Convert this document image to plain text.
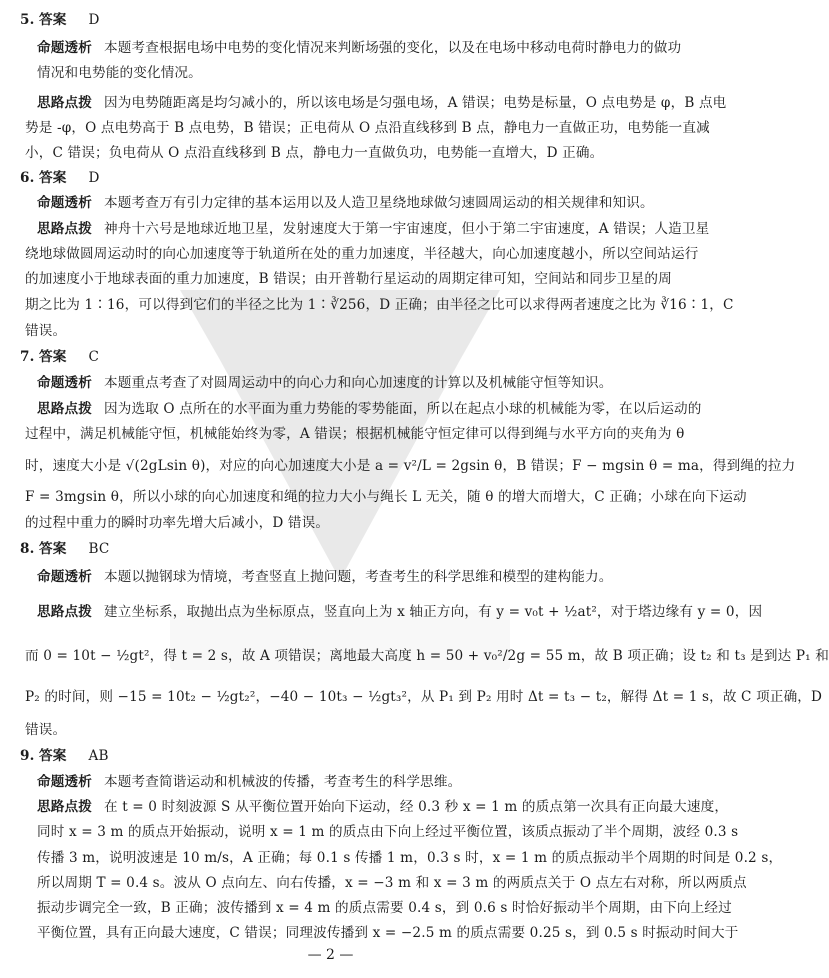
5. 答案 D
命题透析 本题考查根据电场中电势的变化情况来判断场强的变化，以及在电场中移动电荷时静电力的做功
情况和电势能的变化情况。
思路点拨 因为电势随距离是均匀减小的，所以该电场是匀强电场，A 错误；电势是标量，O 点电势是 φ，B 点电
势是 -φ，O 点电势高于 B 点电势，B 错误；正电荷从 O 点沿直线移到 B 点，静电力一直做正功，电势能一直减
小，C 错误；负电荷从 O 点沿直线移到 B 点，静电力一直做负功，电势能一直增大，D 正确。
6. 答案 D
命题透析 本题考查万有引力定律的基本运用以及人造卫星绕地球做匀速圆周运动的相关规律和知识。
思路点拨 神舟十六号是地球近地卫星，发射速度大于第一宇宙速度，但小于第二宇宙速度，A 错误；人造卫星
绕地球做圆周运动时的向心加速度等于轨道所在处的重力加速度，半径越大，向心加速度越小，所以空间站运行
的加速度小于地球表面的重力加速度，B 错误；由开普勒行星运动的周期定律可知，空间站和同步卫星的周
期之比为 1∶16，可以得到它们的半径之比为 1∶∛256，D 正确；由半径之比可以求得两者速度之比为 ∛16∶1，C
错误。
7. 答案 C
命题透析 本题重点考查了对圆周运动中的向心力和向心加速度的计算以及机械能守恒等知识。
思路点拨 因为选取 O 点所在的水平面为重力势能的零势能面，所以在起点小球的机械能为零，在以后运动的
过程中，满足机械能守恒，机械能始终为零，A 错误；根据机械能守恒定律可以得到绳与水平方向的夹角为 θ
时，速度大小是 √(2gLsin θ)，对应的向心加速度大小是 a = v²/L = 2gsin θ，B 错误；F − mgsin θ = ma，得到绳的拉力
F = 3mgsin θ，所以小球的向心加速度和绳的拉力大小与绳长 L 无关，随 θ 的增大而增大，C 正确；小球在向下运动
的过程中重力的瞬时功率先增大后减小，D 错误。
8. 答案 BC
命题透析 本题以抛钢球为情境，考查竖直上抛问题，考查考生的科学思维和模型的建构能力。
思路点拨 建立坐标系，取抛出点为坐标原点，竖直向上为 x 轴正方向，有 y = v₀t + ½at²，对于塔边缘有 y = 0，因
而 0 = 10t − ½gt²，得 t = 2 s，故 A 项错误；离地最大高度 h = 50 + v₀²/2g = 55 m，故 B 项正确；设 t₂ 和 t₃ 是到达 P₁ 和
P₂ 的时间，则 −15 = 10t₂ − ½gt₂²，−40 − 10t₃ − ½gt₃²，从 P₁ 到 P₂ 用时 Δt = t₃ − t₂，解得 Δt = 1 s，故 C 项正确，D
错误。
9. 答案 AB
命题透析 本题考查简谐运动和机械波的传播，考查考生的科学思维。
思路点拨 在 t = 0 时刻波源 S 从平衡位置开始向下运动，经 0.3 秒 x = 1 m 的质点第一次具有正向最大速度，
同时 x = 3 m 的质点开始振动，说明 x = 1 m 的质点由下向上经过平衡位置，该质点振动了半个周期，波经 0.3 s
传播 3 m，说明波速是 10 m/s，A 正确；每 0.1 s 传播 1 m，0.3 s 时，x = 1 m 的质点振动半个周期的时间是 0.2 s，
所以周期 T = 0.4 s。波从 O 点向左、向右传播，x = −3 m 和 x = 3 m 的两质点关于 O 点左右对称，所以两质点
振动步调完全一致，B 正确；波传播到 x = 4 m 的质点需要 0.4 s，到 0.6 s 时恰好振动半个周期，由下向上经过
平衡位置，具有正向最大速度，C 错误；同理波传播到 x = −2.5 m 的质点需要 0.25 s，到 0.5 s 时振动时间大于
— 2 —
